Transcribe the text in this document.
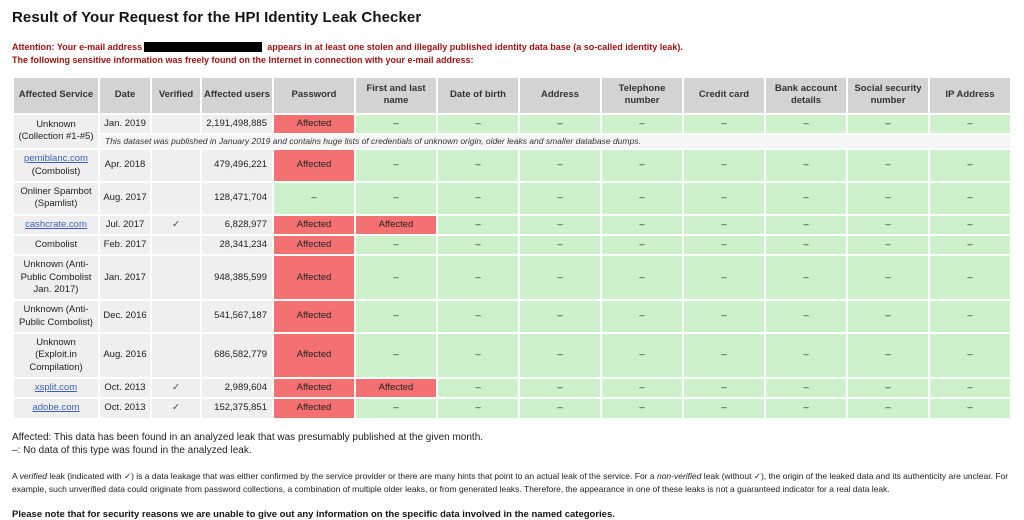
Result of Your Request for the HPI Identity Leak Checker
Attention: Your e-mail address	appears in at least one stolen and illegally published identity data base (a so-called identity leak).
The following sensitive information was freely found on the Internet in connection with your e-mail address:
Affected Service	Date	Verified	Affected users	Password	First and last name	Date of birth	Address	Telephone number	Credit card	Bank account details	Social security number	IP Address
Unknown (Collection #1-#5)	Jan. 2019		2,191,498,885	Affected	–	–	–	–	–	–	–	–
	This dataset was published in January 2019 and contains huge lists of credentials of unknown origin, older leaks and smaller database dumps.											
pemiblanc.com
(Combolist)	Apr. 2018		479,496,221	Affected	–	–	–	–	–	–	–	–
Onliner Spambot (Spamlist)	Aug. 2017		128,471,704	–	–	–	–	–	–	–	–	–
cashcrate.com	Jul. 2017	✓	6,828,977	Affected	Affected	–	–	–	–	–	–	–
Combolist	Feb. 2017		28,341,234	Affected	–	–	–	–	–	–	–	–
Unknown (Anti-Public Combolist Jan. 2017)	Jan. 2017		948,385,599	Affected	–	–	–	–	–	–	–	–
Unknown (Anti-Public Combolist)	Dec. 2016		541,567,187	Affected	–	–	–	–	–	–	–	–
Unknown (Exploit.in Compilation)	Aug. 2016		686,582,779	Affected	–	–	–	–	–	–	–	–
xsplit.com	Oct. 2013	✓	2,989,604	Affected	Affected	–	–	–	–	–	–	–
adobe.com	Oct. 2013	✓	152,375,851	Affected	–	–	–	–	–	–	–	–
Affected: This data has been found in an analyzed leak that was presumably published at the given month.
–: No data of this type was found in the analyzed leak.
A verified leak (indicated with ✓) is a data leakage that was either confirmed by the service provider or there are many hints that point to an actual leak of the service. For a non-verified leak (without ✓), the origin of the leaked data and its authenticity are unclear. For example, such unverified data could originate from password collections, a combination of multiple older leaks, or from generated leaks. Therefore, the appearance in one of these leaks is not a guaranteed indicator for a real data leak.
Please note that for security reasons we are unable to give out any information on the specific data involved in the named categories.
